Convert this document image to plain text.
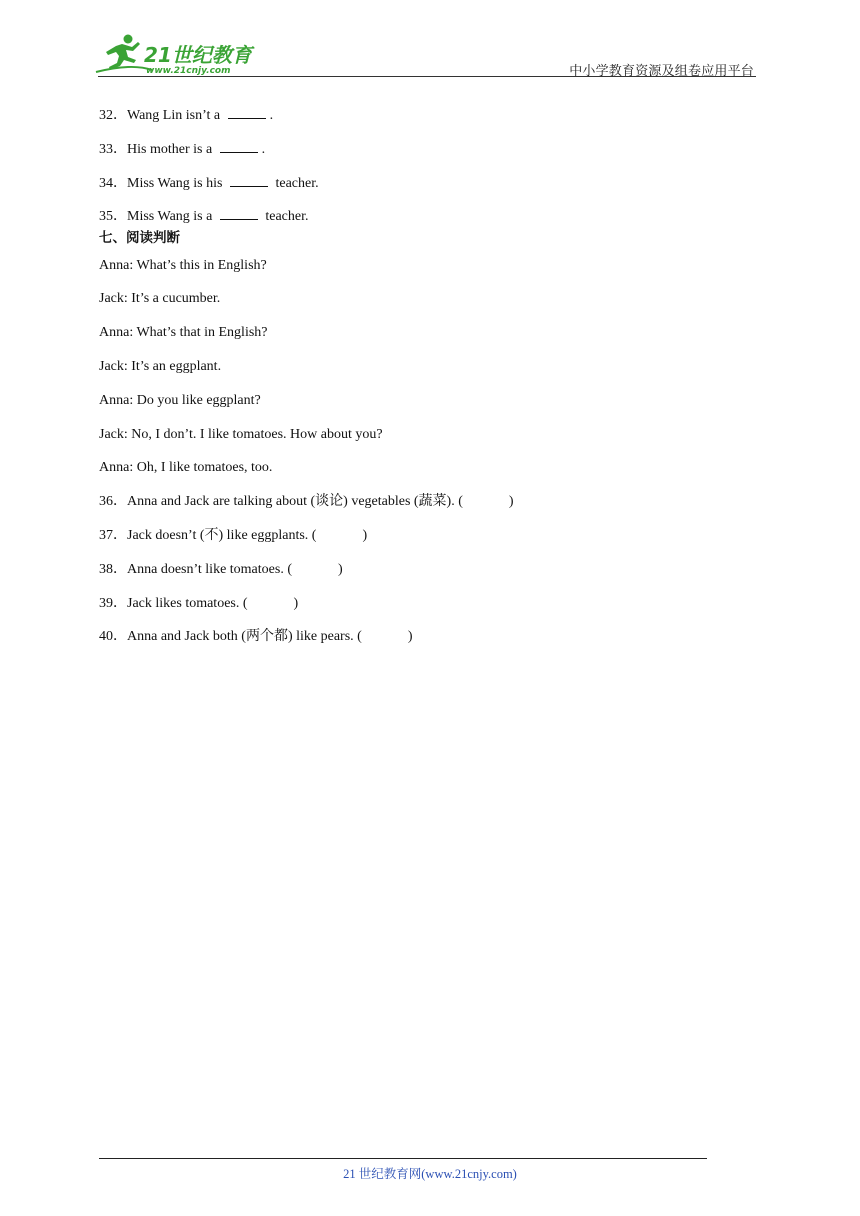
21世纪教育
www.21cnjy.com	中小学教育资源及组卷应用平台
32．Wang Lin isn’t a	.
33．His mother is a	.
34．Miss Wang is his	teacher.
35．Miss Wang is a	teacher.
七、阅读判断
Anna: What’s this in English?
Jack: It’s a cucumber.
Anna: What’s that in English?
Jack: It’s an eggplant.
Anna: Do you like eggplant?
Jack: No, I don’t. I like tomatoes. How about you?
Anna: Oh, I like tomatoes, too.
36．Anna and Jack are talking about (谈论) vegetables (蔬菜). (	)
37．Jack doesn’t (不) like eggplants. (	)
38．Anna doesn’t like tomatoes. (	)
39．Jack likes tomatoes. (	)
40．Anna and Jack both (两个都) like pears. (	)
21 世纪教育网(www.21cnjy.com)
